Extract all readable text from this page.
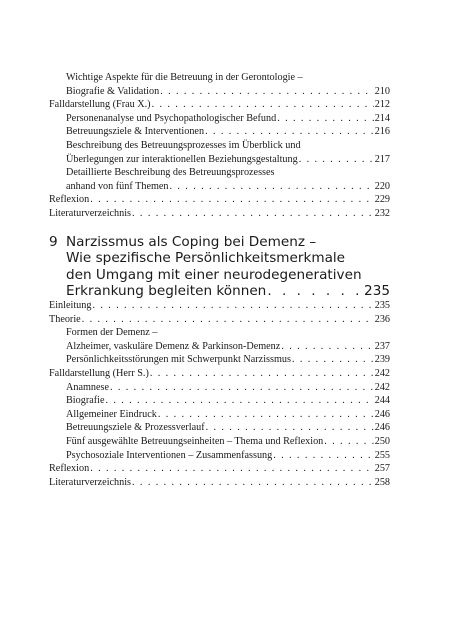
Wichtige Aspekte für die Betreuung in der Gerontologie –
Biografie & Validation . . .	210
Falldarstellung (Frau X.) . . .	212
Personenanalyse und Psychopathologischer Befund . . .	214
Betreuungsziele & Interventionen . . .	216
Beschreibung des Betreuungsprozesses im Überblick und
Überlegungen zur interaktionellen Beziehungsgestaltung . . .	217
Detaillierte Beschreibung des Betreuungsprozesses
anhand von fünf Themen . . .	220
Reflexion . . .	229
Literaturverzeichnis . . .	232
9 Narzissmus als Coping bei Demenz –
Wie spezifische Persönlichkeitsmerkmale
den Umgang mit einer neurodegenerativen
Erkrankung begleiten können . . .	235
Einleitung . . .	235
Theorie . . .	236
Formen der Demenz –
Alzheimer, vaskuläre Demenz & Parkinson-Demenz . . .	237
Persönlichkeitsstörungen mit Schwerpunkt Narzissmus . . .	239
Falldarstellung (Herr S.) . . .	242
Anamnese . . .	242
Biografie . . .	244
Allgemeiner Eindruck . . .	246
Betreuungsziele & Prozessverlauf . . .	246
Fünf ausgewählte Betreuungseinheiten – Thema und Reflexion . . .	250
Psychosoziale Interventionen – Zusammenfassung . . .	255
Reflexion . . .	257
Literaturverzeichnis . . .	258
